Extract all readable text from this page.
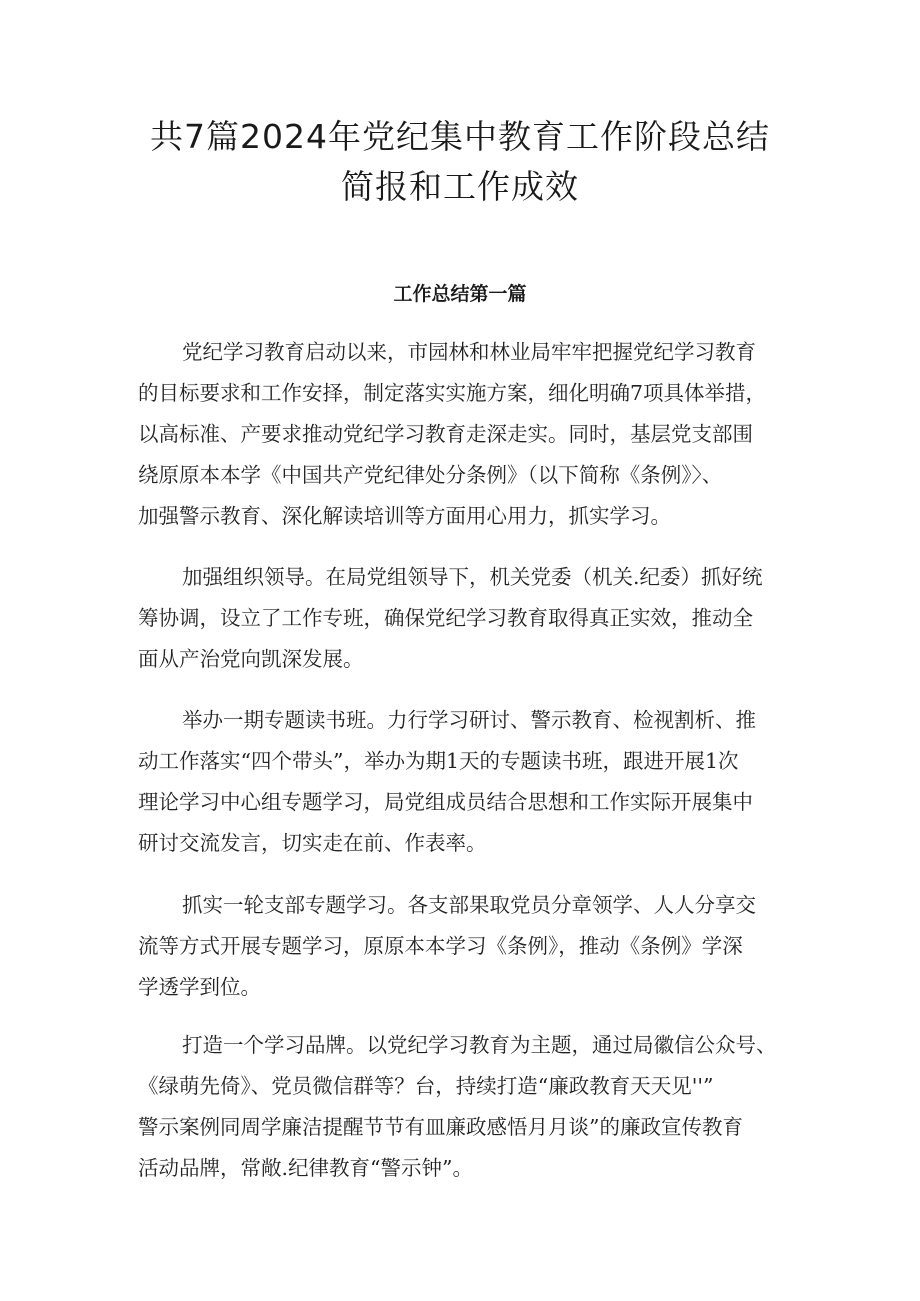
共7篇2024年党纪集中教育工作阶段总结
简报和工作成效
工作总结第一篇

党纪学习教育启动以来，市园林和林业局牢牢把握党纪学习教育
的目标要求和工作安择，制定落实实施方案，细化明确7项具体举措，
以高标准、产要求推动党纪学习教育走深走实。同时，基层党支部围
绕原原本本学《中国共产党纪律处分条例》（以下简称《条例》〉、
加强警示教育、深化解读培训等方面用心用力，抓实学习。

加强组织领导。在局党组领导下，机关党委（机关.纪委）抓好统
筹协调，设立了工作专班，确保党纪学习教育取得真正实效，推动全
面从产治党向凯深发展。

举办一期专题读书班。力行学习研讨、警示教育、检视割析、推
动工作落实“四个带头”，举办为期1天的专题读书班，跟进开展1次
理论学习中心组专题学习，局党组成员结合思想和工作实际开展集中
研讨交流发言，切实走在前、作表率。

抓实一轮支部专题学习。各支部果取党员分章领学、人人分享交
流等方式开展专题学习，原原本本学习《条例》，推动《条例》学深
学透学到位。

打造一个学习品牌。以党纪学习教育为主题，通过局徽信公众号、
《绿萌先倚》、党员微信群等？台，持续打造“廉政教育天天见''”
警示案例同周学廉洁提醒节节有皿廉政感悟月月谈”的廉政宣传教育
活动品牌，常敞.纪律教育“警示钟”。
